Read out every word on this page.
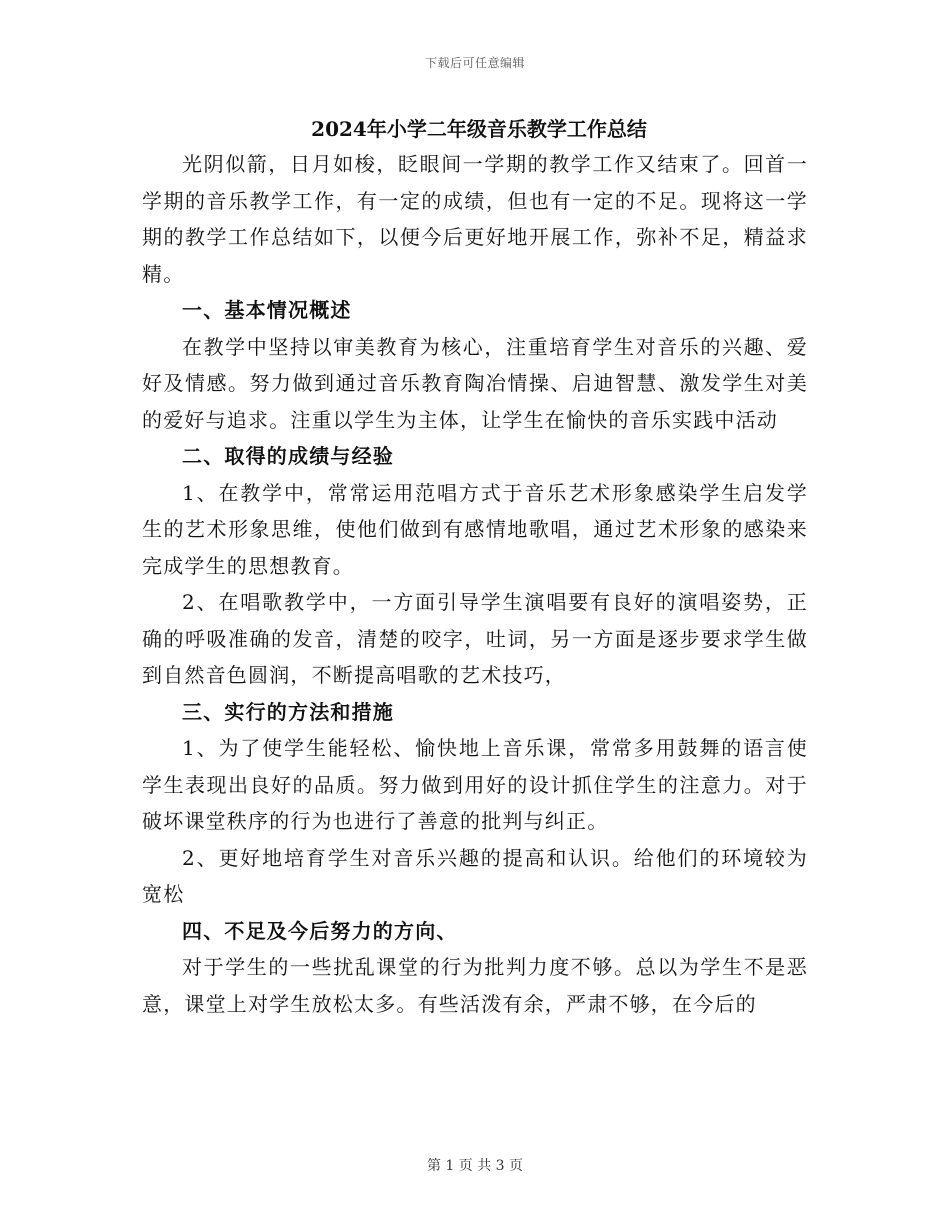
下载后可任意编辑
2024年小学二年级音乐教学工作总结

光阴似箭，日月如梭，眨眼间一学期的教学工作又结束了。回首一学期的音乐教学工作，有一定的成绩，但也有一定的不足。现将这一学期的教学工作总结如下，以便今后更好地开展工作，弥补不足，精益求精。

一、基本情况概述

在教学中坚持以审美教育为核心，注重培育学生对音乐的兴趣、爱好及情感。努力做到通过音乐教育陶冶情操、启迪智慧、激发学生对美的爱好与追求。注重以学生为主体，让学生在愉快的音乐实践中活动

二、取得的成绩与经验

1、在教学中，常常运用范唱方式于音乐艺术形象感染学生启发学生的艺术形象思维，使他们做到有感情地歌唱，通过艺术形象的感染来完成学生的思想教育。

2、在唱歌教学中，一方面引导学生演唱要有良好的演唱姿势，正确的呼吸准确的发音，清楚的咬字，吐词，另一方面是逐步要求学生做到自然音色圆润，不断提高唱歌的艺术技巧，

三、实行的方法和措施

1、为了使学生能轻松、愉快地上音乐课，常常多用鼓舞的语言使学生表现出良好的品质。努力做到用好的设计抓住学生的注意力。对于破坏课堂秩序的行为也进行了善意的批判与纠正。

2、更好地培育学生对音乐兴趣的提高和认识。给他们的环境较为宽松

四、不足及今后努力的方向、

对于学生的一些扰乱课堂的行为批判力度不够。总以为学生不是恶意，课堂上对学生放松太多。有些活泼有余，严肃不够，在今后的

第 1 页 共 3 页
